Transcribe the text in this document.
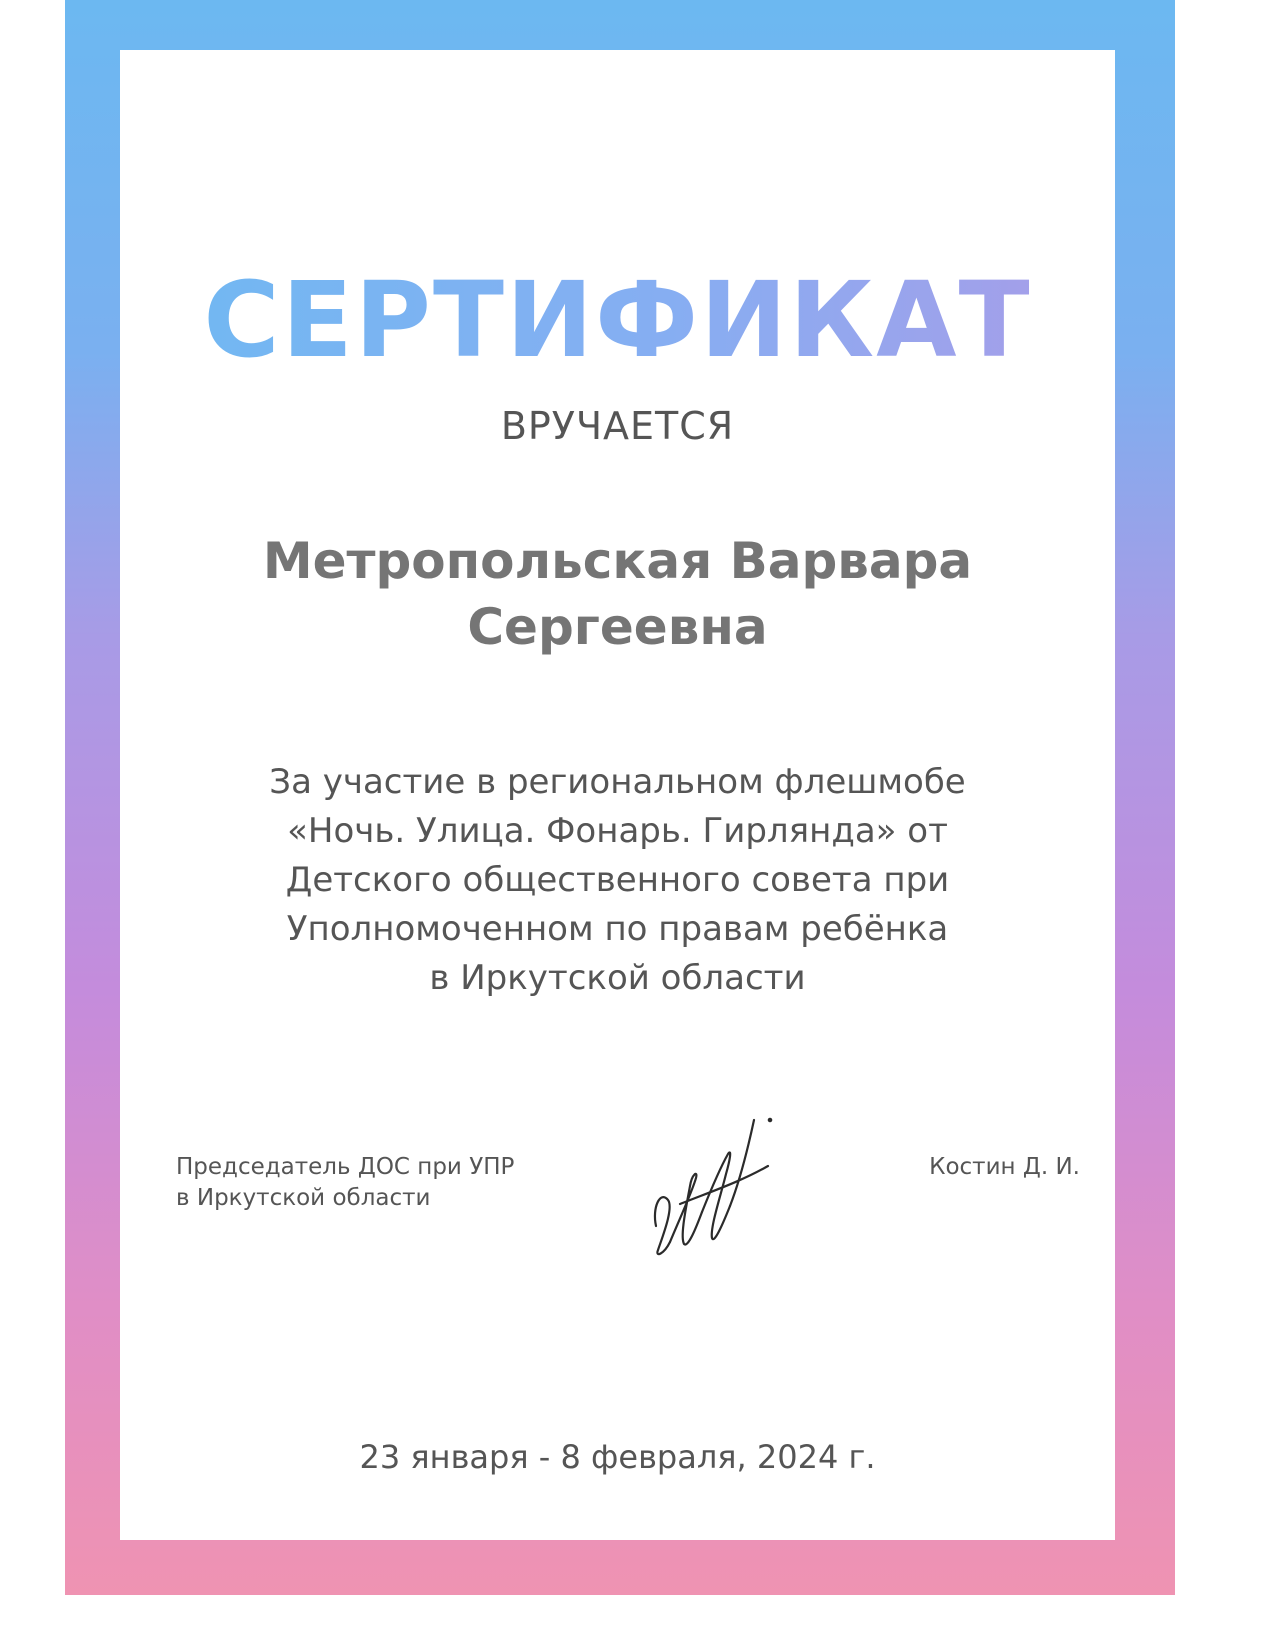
СЕРТИФИКАТ
ВРУЧАЕТСЯ
Метропольская Варвара
Сергеевна
За участие в региональном флешмобе
«Ночь. Улица. Фонарь. Гирлянда» от
Детского общественного совета при
Уполномоченном по правам ребёнка
в Иркутской области
Председатель ДОС при УПР
в Иркутской области
Костин Д. И.
23 января - 8 февраля, 2024 г.
